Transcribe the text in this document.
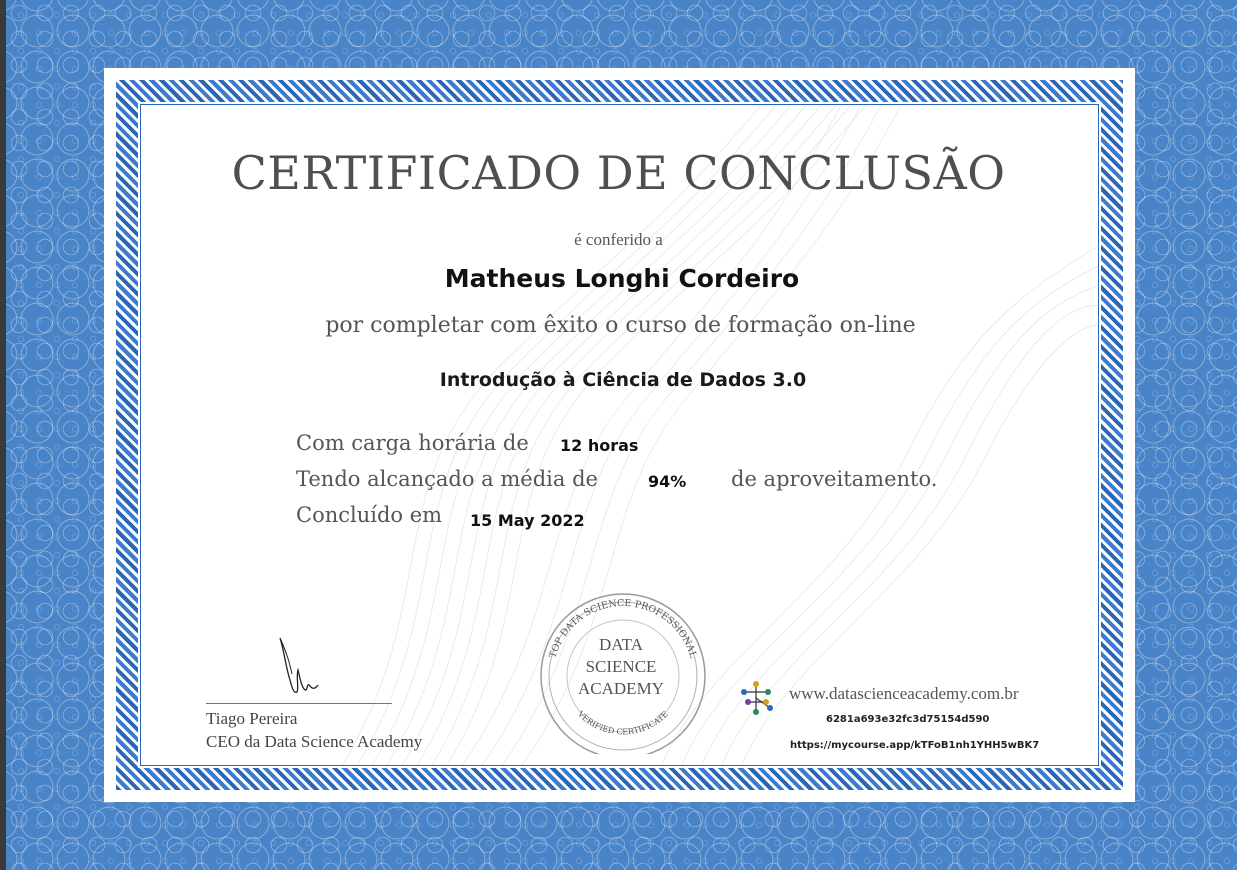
CERTIFICADO DE CONCLUSÃO
é conferido a
Matheus Longhi Cordeiro
por completar com êxito o curso de formação on-line
Introdução à Ciência de Dados 3.0
Com carga horária de 12 horas
Tendo alcançado a média de	94% de aproveitamento.
Concluído em 15 May 2022
Tiago Pereira
CEO da Data Science Academy
TOP DATA SCIENCE PROFESSIONAL
VERIFIED CERTIFICATE
DATA
SCIENCE
ACADEMY	www.datascienceacademy.com.br
6281a693e32fc3d75154d590
https://mycourse.app/kTFoB1nh1YHH5wBK7
